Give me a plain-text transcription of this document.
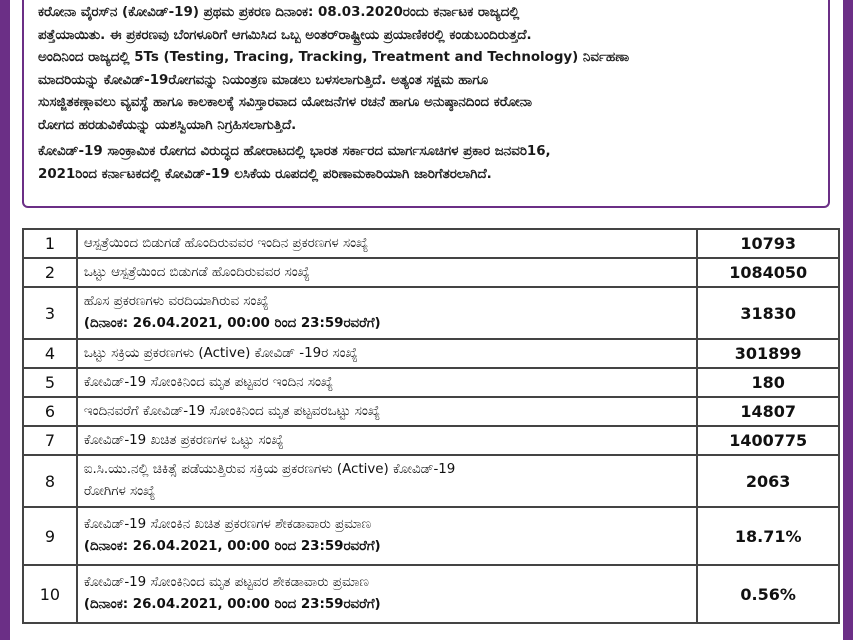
ಕರೋನಾ ವೈರಸ್‌ನ (ಕೋವಿಡ್-19) ಪ್ರಥಮ ಪ್ರಕರಣ ದಿನಾಂಕ: 08.03.2020ರಂದು ಕರ್ನಾಟಕ ರಾಜ್ಯದಲ್ಲಿ
ಪತ್ತೆಯಾಯಿತು. ಈ ಪ್ರಕರಣವು ಬೆಂಗಳೂರಿಗೆ ಆಗಮಿಸಿದ ಒಬ್ಬ ಅಂತರ್‌ರಾಷ್ಟ್ರೀಯ ಪ್ರಯಾಣಿಕರಲ್ಲಿ ಕಂಡುಬಂದಿರುತ್ತದೆ.
ಅಂದಿನಿಂದ ರಾಜ್ಯದಲ್ಲಿ 5Ts (Testing, Tracing, Tracking, Treatment and Technology) ನಿರ್ವಹಣಾ
ಮಾದರಿಯನ್ನು ಕೋವಿಡ್-19ರೋಗವನ್ನು ನಿಯಂತ್ರಣ ಮಾಡಲು ಬಳಸಲಾಗುತ್ತಿದೆ. ಅತ್ಯಂತ ಸಕ್ಷಮ ಹಾಗೂ
ಸುಸಜ್ಜಿತಕಣ್ಗಾವಲು ವ್ಯವಸ್ಥೆ ಹಾಗೂ ಕಾಲಕಾಲಕ್ಕೆ ಸವಿಸ್ತಾರವಾದ ಯೋಜನೆಗಳ ರಚನೆ ಹಾಗೂ ಅನುಷ್ಠಾನದಿಂದ ಕರೋನಾ
ರೋಗದ ಹರಡುವಿಕೆಯನ್ನು ಯಶಸ್ವಿಯಾಗಿ ನಿಗ್ರಹಿಸಲಾಗುತ್ತಿದೆ.

ಕೋವಿಡ್-19 ಸಾಂಕ್ರಾಮಿಕ ರೋಗದ ವಿರುದ್ಧದ ಹೋರಾಟದಲ್ಲಿ ಭಾರತ ಸರ್ಕಾರದ ಮಾರ್ಗಸೂಚಿಗಳ ಪ್ರಕಾರ ಜನವರಿ16,
2021ರಿಂದ ಕರ್ನಾಟಕದಲ್ಲಿ ಕೋವಿಡ್-19 ಲಸಿಕೆಯ ರೂಪದಲ್ಲಿ ಪರಿಣಾಮಕಾರಿಯಾಗಿ ಜಾರಿಗೆತರಲಾಗಿದೆ.

1	ಆಸ್ಪತ್ರೆಯಿಂದ ಬಿಡುಗಡೆ ಹೊಂದಿರುವವರ ಇಂದಿನ ಪ್ರಕರಣಗಳ ಸಂಖ್ಯೆ	10793
2	ಒಟ್ಟು ಆಸ್ಪತ್ರೆಯಿಂದ ಬಿಡುಗಡೆ ಹೊಂದಿರುವವರ ಸಂಖ್ಯೆ	1084050
3	ಹೊಸ ಪ್ರಕರಣಗಳು ವರದಿಯಾಗಿರುವ ಸಂಖ್ಯೆ
(ದಿನಾಂಕ: 26.04.2021, 00:00 ರಿಂದ 23:59ರವರೆಗೆ)	31830
4	ಒಟ್ಟು ಸಕ್ರಿಯ ಪ್ರಕರಣಗಳು (Active) ಕೋವಿಡ್ -19ರ ಸಂಖ್ಯೆ	301899
5	ಕೋವಿಡ್-19 ಸೋಂಕಿನಿಂದ ಮೃತ ಪಟ್ಟವರ ಇಂದಿನ ಸಂಖ್ಯೆ	180
6	ಇಂದಿನವರೆಗೆ ಕೋವಿಡ್-19 ಸೋಂಕಿನಿಂದ ಮೃತ ಪಟ್ಟವರಒಟ್ಟು ಸಂಖ್ಯೆ	14807
7	ಕೋವಿಡ್-19 ಖಚಿತ ಪ್ರಕರಣಗಳ ಒಟ್ಟು ಸಂಖ್ಯೆ	1400775
8	ಐ.ಸಿ.ಯು.ನಲ್ಲಿ ಚಿಕಿತ್ಸೆ ಪಡೆಯುತ್ತಿರುವ ಸಕ್ರಿಯ ಪ್ರಕರಣಗಳು (Active) ಕೋವಿಡ್-19
ರೋಗಿಗಳ ಸಂಖ್ಯೆ	2063
9	ಕೋವಿಡ್-19 ಸೋಂಕಿನ ಖಚಿತ ಪ್ರಕರಣಗಳ ಶೇಕಡಾವಾರು ಪ್ರಮಾಣ
(ದಿನಾಂಕ: 26.04.2021, 00:00 ರಿಂದ 23:59ರವರೆಗೆ)	18.71%
10	ಕೋವಿಡ್-19 ಸೋಂಕಿನಿಂದ ಮೃತ ಪಟ್ಟವರ ಶೇಕಡಾವಾರು ಪ್ರಮಾಣ
(ದಿನಾಂಕ: 26.04.2021, 00:00 ರಿಂದ 23:59ರವರೆಗೆ)	0.56%
